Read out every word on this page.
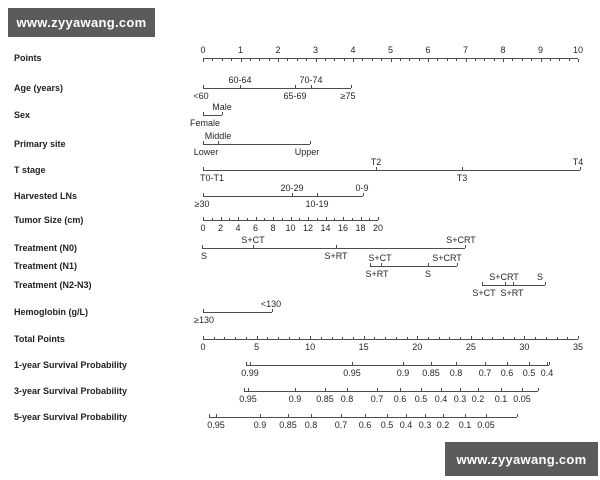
www.zyyawang.com
Points
0	1	2	3	4	5	6	7	8	9	10
Age (years)
<60
60-64
65-69
70-74
≥75
Sex
Female
Male
Primary site
Lower
Middle
Upper
T stage
T0-T1
T2
T3
T4
Harvested LNs
≥30
20-29
10-19
0-9
Tumor Size (cm)
0 2 4 6 8 10 12 14 16 18 20
Treatment (N0)
S
S+CT
S+RT
S+CRT
Treatment (N1)
S+RT
S+CT
S
S+CRT
Treatment (N2-N3)
S+CT
S+CRT
S+RT
S
Hemoglobin (g/L)
≥130
<130
Total Points
0	5	10	15	20	25	30	35
1-year Survival Probability
0.99	0.95	0.9 0.85 0.8 0.7 0.6 0.5 0.4
3-year Survival Probability
0.95	0.9 0.85 0.8 0.7 0.6 0.5 0.4 0.3 0.2 0.1 0.05
5-year Survival Probability
0.95	0.9 0.85 0.8 0.7 0.6 0.5 0.4 0.3 0.2 0.1 0.05
www.zyyawang.com
